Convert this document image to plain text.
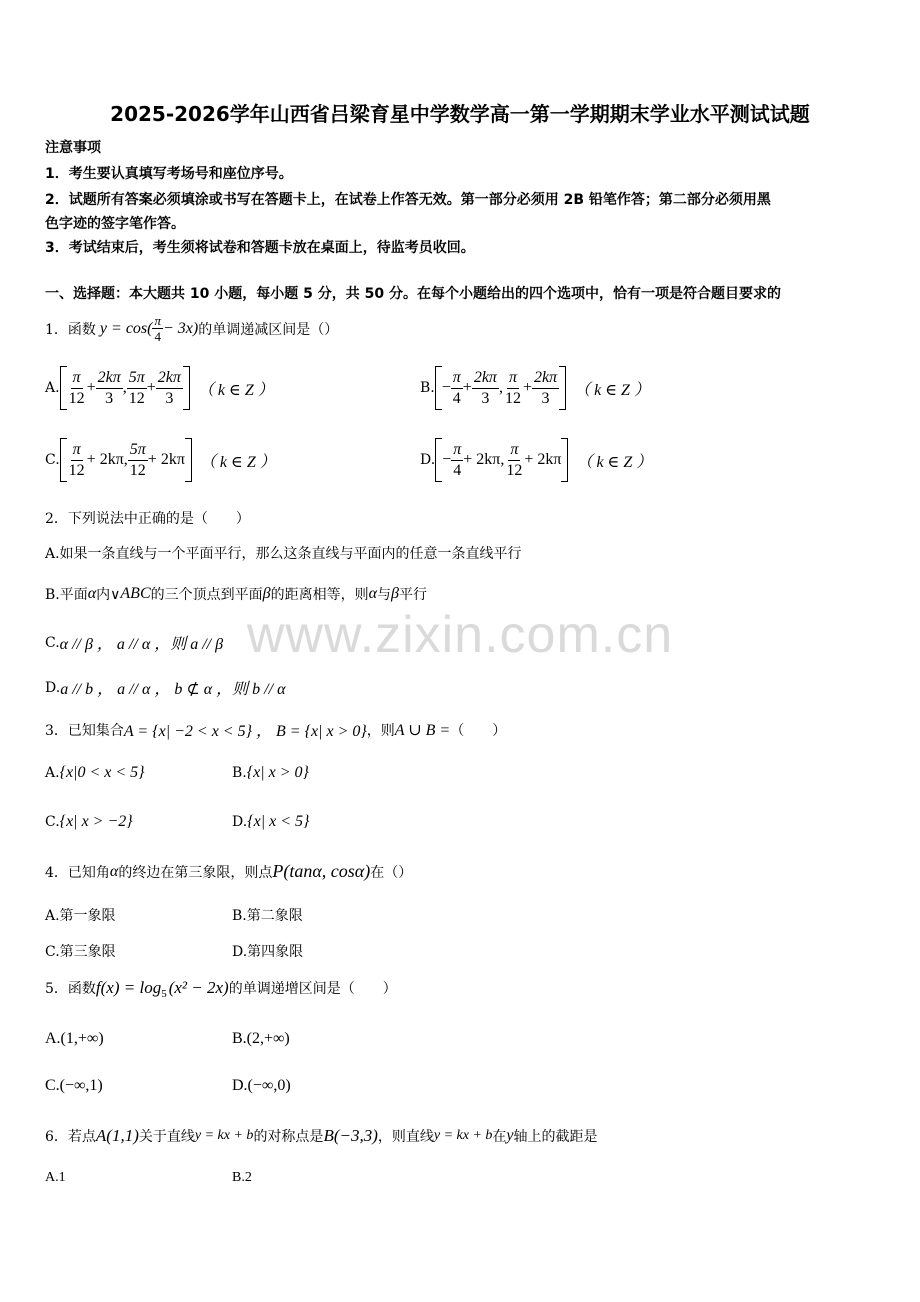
2025-2026学年山西省吕梁育星中学数学高一第一学期期末学业水平测试试题
注意事项
1．考生要认真填写考场号和座位序号。
2．试题所有答案必须填涂或书写在答题卡上，在试卷上作答无效。第一部分必须用 2B 铅笔作答；第二部分必须用黑
色字迹的签字笔作答。
3．考试结束后，考生须将试卷和答题卡放在桌面上，待监考员收回。
一、选择题：本大题共 10 小题，每小题 5 分，共 50 分。在每个小题给出的四个选项中，恰有一项是符合题目要求的
1．函数 $y = \cos( \frac{\pi}{4} - 3x)$ 的单调递减区间是（）
A. $\frac{\pi}{12} + \frac{2k\pi}{3}$ , $\frac{5\pi}{12} + \frac{2k\pi}{3}$ （ k ∈ Z ）	B. − $\frac{\pi}{4} + \frac{2k\pi}{3}$ , $\frac{\pi}{12} + \frac{2k\pi}{3}$ （ k ∈ Z ）
C. $\frac{\pi}{12} + 2k\pi$, $\frac{5\pi}{12} + 2k\pi$ （ k ∈ Z ）	D. − $\frac{\pi}{4} + 2k\pi$, $\frac{\pi}{12} + 2k\pi$ （ k ∈ Z ）
2．下列说法中正确的是（　　）
A.如果一条直线与一个平面平行，那么这条直线与平面内的任意一条直线平行
B.平面 α 内∨ ABC 的三个顶点到平面 β 的距离相等，则 α 与 β 平行
C. α // β ， a // α ，则 a // β
D. a // b ， a // α ， b ⊄ α ，则 b // α
www.zixin.com.cn
3．已知集合 A = {x| −2 < x < 5} ， B = {x| x > 0} ，则 A ∪ B = （　　）
A. {x|0 < x < 5}	B. {x| x > 0}
C. {x| x > −2}	D. {x| x < 5}
4．已知角 α 的终边在第三象限，则点 P(tanα, cosα) 在（）
A.第一象限	B.第二象限
C.第三象限	D.第四象限
5．函数 f(x) = log 5 (x² − 2x) 的单调递增区间是（　　）
A.(1,+∞)	B.(2,+∞)
C.(−∞,1)	D.(−∞,0)
6．若点 A(1,1) 关于直线 y = kx + b 的对称点是 B(−3,3) ，则直线 y = kx + b 在 y 轴上的截距是
A.1	B.2
